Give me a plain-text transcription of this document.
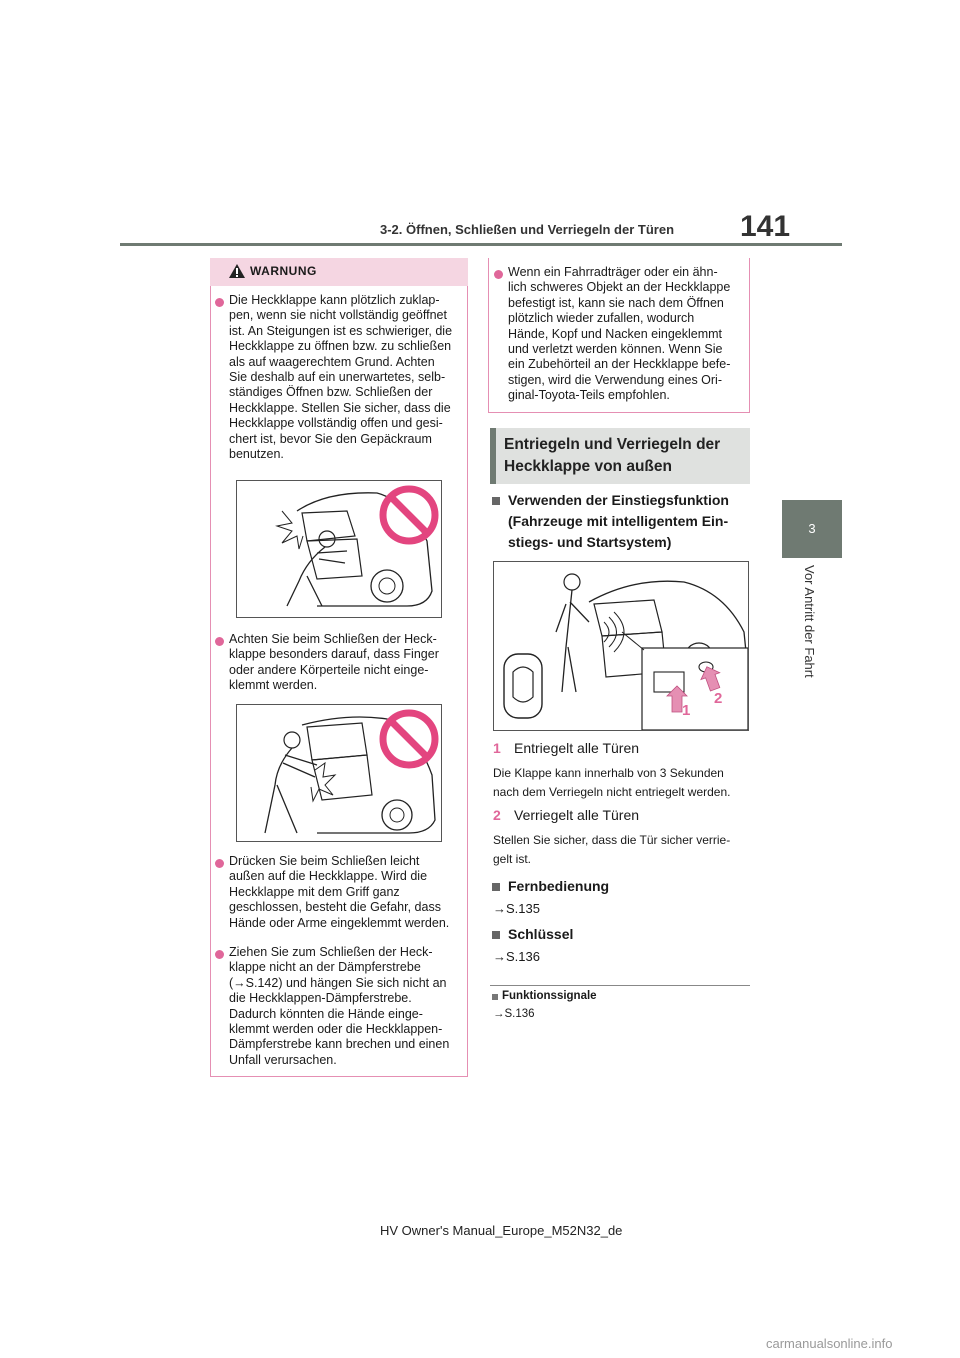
3-2. Öffnen, Schließen und Verriegeln der Türen 141
3
Vor Antritt der Fahrt
WARNUNG
Die Heckklappe kann plötzlich zuklap-
pen, wenn sie nicht vollständig geöffnet
ist. An Steigungen ist es schwieriger, die
Heckklappe zu öffnen bzw. zu schließen
als auf waagerechtem Grund. Achten
Sie deshalb auf ein unerwartetes, selb-
ständiges Öffnen bzw. Schließen der
Heckklappe. Stellen Sie sicher, dass die
Heckklappe vollständig offen und gesi-
chert ist, bevor Sie den Gepäckraum
benutzen.
Achten Sie beim Schließen der Heck-
klappe besonders darauf, dass Finger
oder andere Körperteile nicht einge-
klemmt werden.
Drücken Sie beim Schließen leicht
außen auf die Heckklappe. Wird die
Heckklappe mit dem Griff ganz
geschlossen, besteht die Gefahr, dass
Hände oder Arme eingeklemmt werden.
Ziehen Sie zum Schließen der Heck-
klappe nicht an der Dämpferstrebe
(→S.142) und hängen Sie sich nicht an
die Heckklappen-Dämpferstrebe.
Dadurch könnten die Hände einge-
klemmt werden oder die Heckklappen-
Dämpferstrebe kann brechen und einen
Unfall verursachen.
Wenn ein Fahrradträger oder ein ähn-
lich schweres Objekt an der Heckklappe
befestigt ist, kann sie nach dem Öffnen
plötzlich wieder zufallen, wodurch
Hände, Kopf und Nacken eingeklemmt
und verletzt werden können. Wenn Sie
ein Zubehörteil an der Heckklappe befe-
stigen, wird die Verwendung eines Ori-
ginal-Toyota-Teils empfohlen.
Entriegeln und Verriegeln der Heckklappe von außen
Verwenden der Einstiegsfunktion (Fahrzeuge mit intelligentem Ein-stiegs- und Startsystem)
1
2
1 Entriegelt alle Türen
Die Klappe kann innerhalb von 3 Sekunden nach dem Verriegeln nicht entriegelt werden.
2 Verriegelt alle Türen
Stellen Sie sicher, dass die Tür sicher verrie-gelt ist.
Fernbedienung
→S.135
Schlüssel
→S.136
Funktionssignale
→S.136
HV Owner's Manual_Europe_M52N32_de
carmanualsonline.info
